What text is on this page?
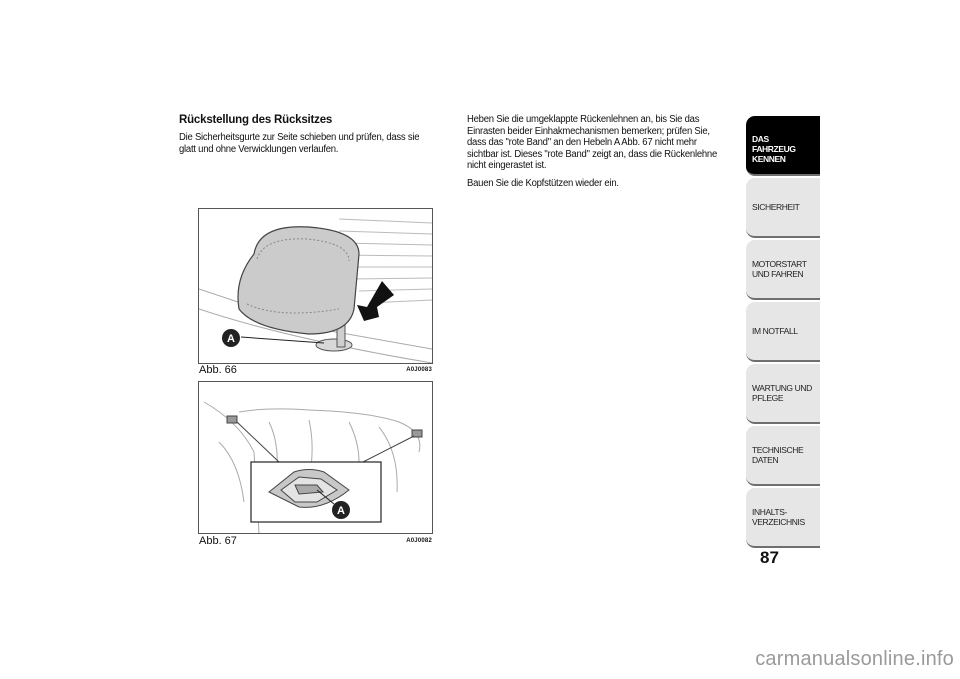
Rückstellung des Rücksitzes

Die Sicherheitsgurte zur Seite schieben und prüfen, dass sie glatt und ohne Verwicklungen verlaufen.

Heben Sie die umgeklappte Rückenlehnen an, bis Sie das Einrasten beider Einhakmechanismen bemerken; prüfen Sie, dass das "rote Band" an den Hebeln A Abb. 67 nicht mehr sichtbar ist. Dieses "rote Band" zeigt an, dass die Rückenlehne nicht eingerastet ist.

Bauen Sie die Kopfstützen wieder ein.

A
Abb. 66	A0J0083
A
Abb. 67	A0J0082
DAS FAHRZEUG KENNEN
SICHERHEIT
MOTORSTART UND FAHREN
IM NOTFALL
WARTUNG UND PFLEGE
TECHNISCHE DATEN
INHALTS-VERZEICHNIS
87
carmanualsonline.info
